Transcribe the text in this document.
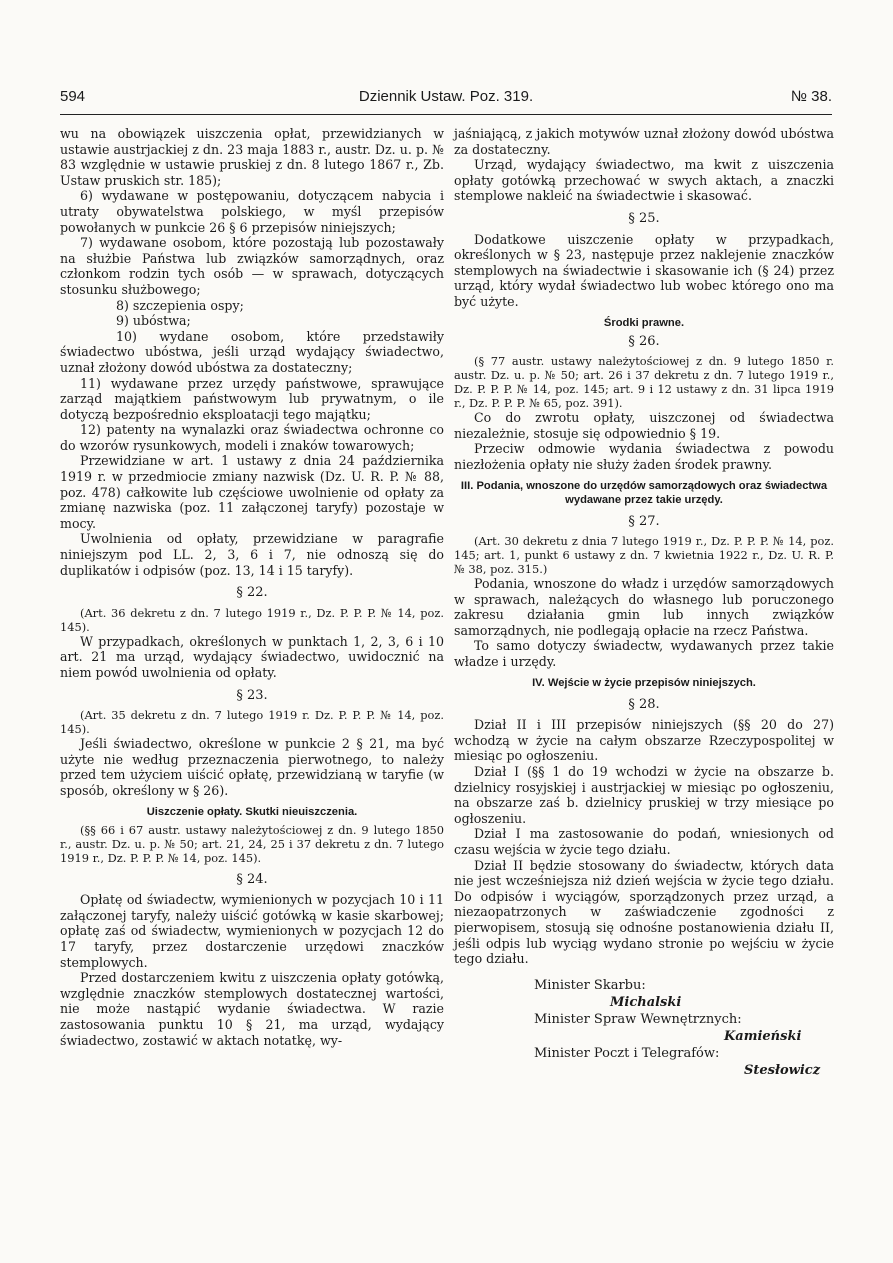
594	Dziennik Ustaw. Poz. 319.	№ 38.

wu na obowiązek uiszczenia opłat, przewidzianych w ustawie austrjackiej z dn. 23 maja 1883 r., austr. Dz. u. p. № 83 względnie w ustawie pruskiej z dn. 8 lutego 1867 r., Zb. Ustaw pruskich str. 185);

6) wydawane w postępowaniu, dotyczącem nabycia i utraty obywatelstwa polskiego, w myśl przepisów powołanych w punkcie 26 § 6 przepisów niniejszych;

7) wydawane osobom, które pozostają lub pozostawały na służbie Państwa lub związków samorządnych, oraz członkom rodzin tych osób — w sprawach, dotyczących stosunku służbowego;

8) szczepienia ospy;

9) ubóstwa;

10) wydane osobom, które przedstawiły świadectwo ubóstwa, jeśli urząd wydający świadectwo, uznał złożony dowód ubóstwa za dostateczny;

11) wydawane przez urzędy państwowe, sprawujące zarząd majątkiem państwowym lub prywatnym, o ile dotyczą bezpośrednio eksploatacji tego majątku;

12) patenty na wynalazki oraz świadectwa ochronne co do wzorów rysunkowych, modeli i znaków towarowych;

Przewidziane w art. 1 ustawy z dnia 24 października 1919 r. w przedmiocie zmiany nazwisk (Dz. U. R. P. № 88, poz. 478) całkowite lub częściowe uwolnienie od opłaty za zmianę nazwiska (poz. 11 załączonej taryfy) pozostaje w mocy.

Uwolnienia od opłaty, przewidziane w paragrafie niniejszym pod LL. 2, 3, 6 i 7, nie odnoszą się do duplikatów i odpisów (poz. 13, 14 i 15 taryfy).

§ 22.

(Art. 36 dekretu z dn. 7 lutego 1919 r., Dz. P. P. P. № 14, poz. 145).

W przypadkach, określonych w punktach 1, 2, 3, 6 i 10 art. 21 ma urząd, wydający świadectwo, uwidocznić na niem powód uwolnienia od opłaty.

§ 23.

(Art. 35 dekretu z dn. 7 lutego 1919 r. Dz. P. P. P. № 14, poz. 145).

Jeśli świadectwo, określone w punkcie 2 § 21, ma być użyte nie według przeznaczenia pierwotnego, to należy przed tem użyciem uiścić opłatę, przewidzianą w taryfie (w sposób, określony w § 26).

Uiszczenie opłaty. Skutki nieuiszczenia.

(§§ 66 i 67 austr. ustawy należytościowej z dn. 9 lutego 1850 r., austr. Dz. u. p. № 50; art. 21, 24, 25 i 37 dekretu z dn. 7 lutego 1919 r., Dz. P. P. P. № 14, poz. 145).

§ 24.

Opłatę od świadectw, wymienionych w pozycjach 10 i 11 załączonej taryfy, należy uiścić gotówką w kasie skarbowej; opłatę zaś od świadectw, wymienionych w pozycjach 12 do 17 taryfy, przez dostarczenie urzędowi znaczków stemplowych.

Przed dostarczeniem kwitu z uiszczenia opłaty gotówką, względnie znaczków stemplowych dostatecznej wartości, nie może nastąpić wydanie świadectwa. W razie zastosowania punktu 10 § 21, ma urząd, wydający świadectwo, zostawić w aktach notatkę, wy-

jaśniającą, z jakich motywów uznał złożony dowód ubóstwa za dostateczny.

Urząd, wydający świadectwo, ma kwit z uiszczenia opłaty gotówką przechować w swych aktach, a znaczki stemplowe nakleić na świadectwie i skasować.

§ 25.

Dodatkowe uiszczenie opłaty w przypadkach, określonych w § 23, następuje przez naklejenie znaczków stemplowych na świadectwie i skasowanie ich (§ 24) przez urząd, który wydał świadectwo lub wobec którego ono ma być użyte.

Środki prawne.
§ 26.

(§ 77 austr. ustawy należytościowej z dn. 9 lutego 1850 r. austr. Dz. u. p. № 50; art. 26 i 37 dekretu z dn. 7 lutego 1919 r., Dz. P. P. P. № 14, poz. 145; art. 9 i 12 ustawy z dn. 31 lipca 1919 r., Dz. P. P. P. № 65, poz. 391).

Co do zwrotu opłaty, uiszczonej od świadectwa niezależnie, stosuje się odpowiednio § 19.

Przeciw odmowie wydania świadectwa z powodu niezłożenia opłaty nie służy żaden środek prawny.

III. Podania, wnoszone do urzędów samorządowych oraz świadectwa wydawane przez takie urzędy.
§ 27.

(Art. 30 dekretu z dnia 7 lutego 1919 r., Dz. P. P. P. № 14, poz. 145; art. 1, punkt 6 ustawy z dn. 7 kwietnia 1922 r., Dz. U. R. P. № 38, poz. 315.)

Podania, wnoszone do władz i urzędów samorządowych w sprawach, należących do własnego lub poruczonego zakresu działania gmin lub innych związków samorządnych, nie podlegają opłacie na rzecz Państwa.

To samo dotyczy świadectw, wydawanych przez takie władze i urzędy.

IV. Wejście w życie przepisów niniejszych.
§ 28.

Dział II i III przepisów niniejszych (§§ 20 do 27) wchodzą w życie na całym obszarze Rzeczypospolitej w miesiąc po ogłoszeniu.

Dział I (§§ 1 do 19 wchodzi w życie na obszarze b. dzielnicy rosyjskiej i austrjackiej w miesiąc po ogłoszeniu, na obszarze zaś b. dzielnicy pruskiej w trzy miesiące po ogłoszeniu.

Dział I ma zastosowanie do podań, wniesionych od czasu wejścia w życie tego działu.

Dział II będzie stosowany do świadectw, których data nie jest wcześniejsza niż dzień wejścia w życie tego działu. Do odpisów i wyciągów, sporządzonych przez urząd, a niezaopatrzonych w zaświadczenie zgodności z pierwopisem, stosują się odnośne postanowienia działu II, jeśli odpis lub wyciąg wydano stronie po wejściu w życie tego działu.

Minister Skarbu:
Michalski
Minister Spraw Wewnętrznych:
Kamieński
Minister Poczt i Telegrafów:
Stesłowicz
